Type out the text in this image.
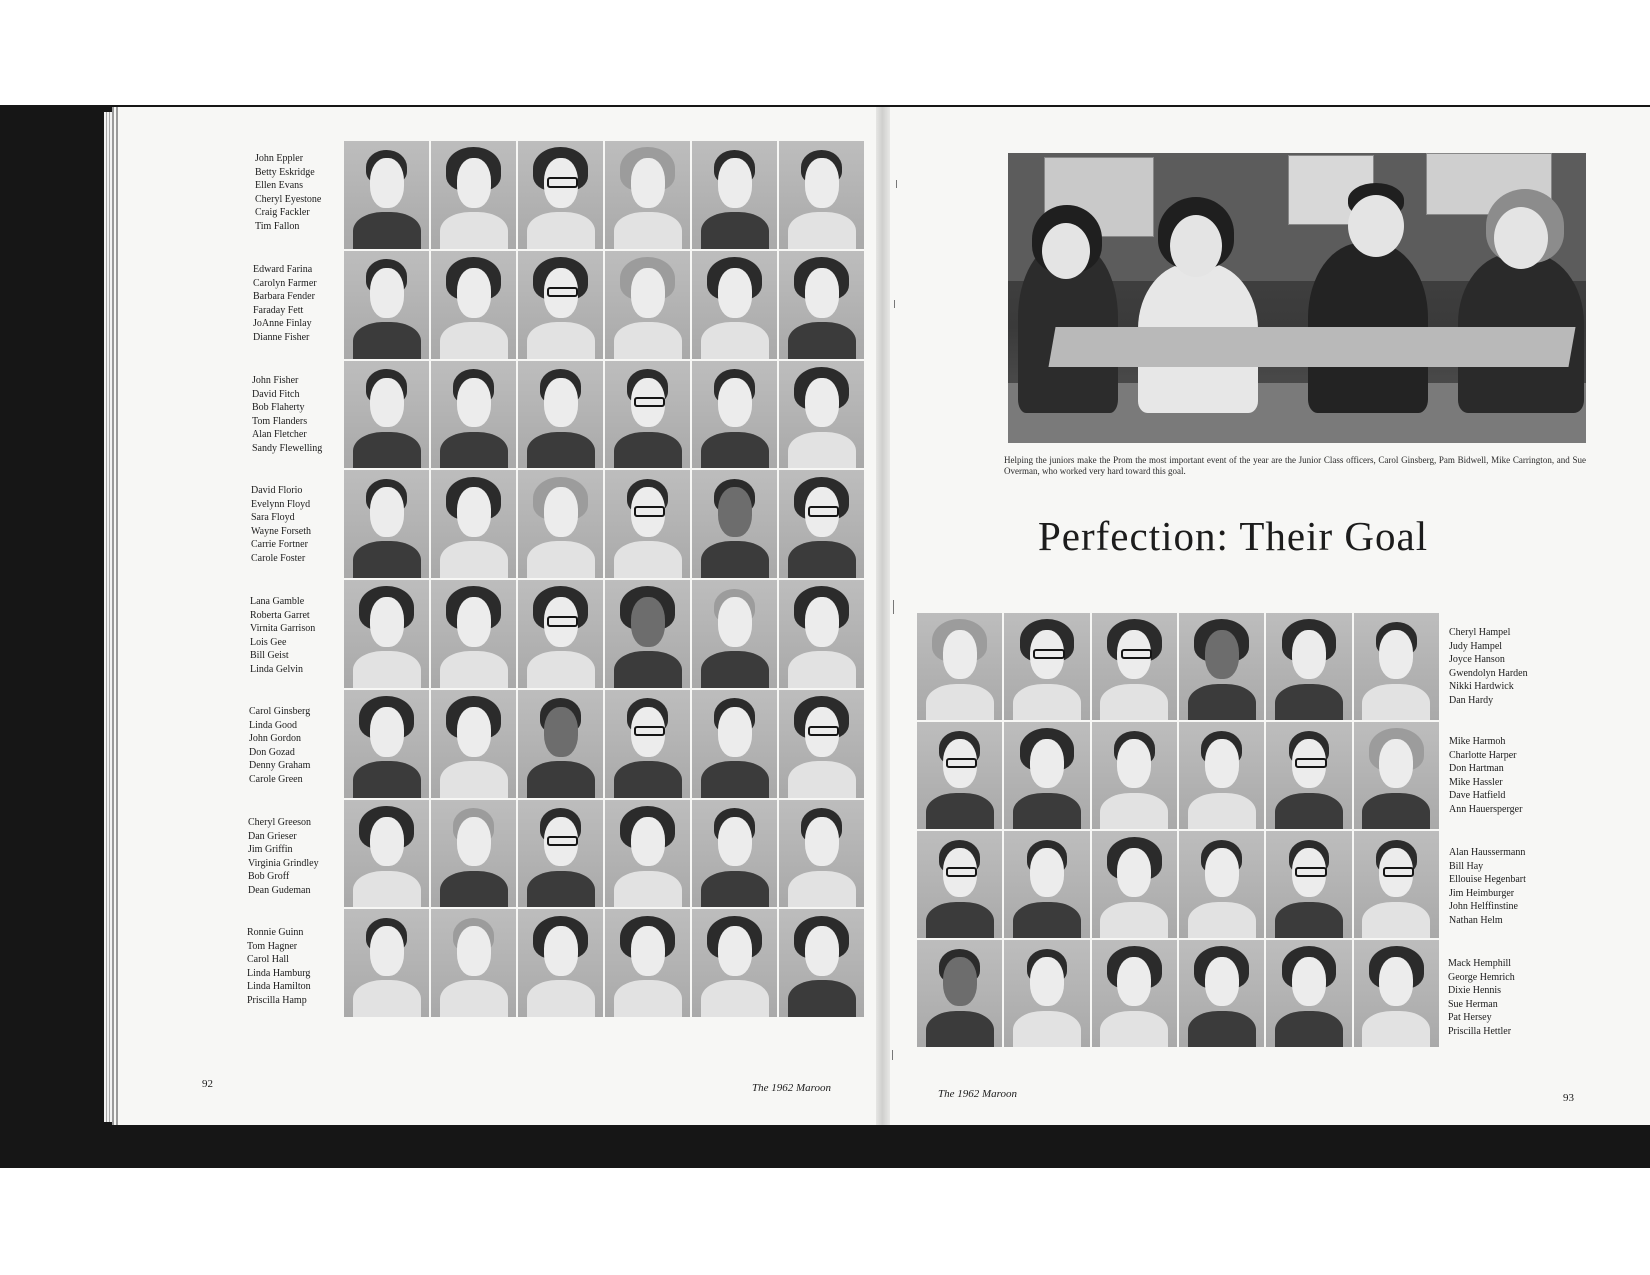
John Eppler
Betty Eskridge
Ellen Evans
Cheryl Eyestone
Craig Fackler
Tim Fallon
Edward Farina
Carolyn Farmer
Barbara Fender
Faraday Fett
JoAnne Finlay
Dianne Fisher
John Fisher
David Fitch
Bob Flaherty
Tom Flanders
Alan Fletcher
Sandy Flewelling
David Florio
Evelynn Floyd
Sara Floyd
Wayne Forseth
Carrie Fortner
Carole Foster
Lana Gamble
Roberta Garret
Virnita Garrison
Lois Gee
Bill Geist
Linda Gelvin
Carol Ginsberg
Linda Good
John Gordon
Don Gozad
Denny Graham
Carole Green
Cheryl Greeson
Dan Grieser
Jim Griffin
Virginia Grindley
Bob Groff
Dean Gudeman
Ronnie Guinn
Tom Hagner
Carol Hall
Linda Hamburg
Linda Hamilton
Priscilla Hamp
Helping the juniors make the Prom the most important event of the year are the Junior Class officers, Carol Ginsberg, Pam Bidwell, Mike Carrington, and Sue Overman, who worked very hard toward this goal.
Perfection: Their Goal
Cheryl Hampel
Judy Hampel
Joyce Hanson
Gwendolyn Harden
Nikki Hardwick
Dan Hardy
Mike Harmoh
Charlotte Harper
Don Hartman
Mike Hassler
Dave Hatfield
Ann Hauersperger
Alan Haussermann
Bill Hay
Ellouise Hegenbart
Jim Heimburger
John Helffinstine
Nathan Helm
Mack Hemphill
George Hemrich
Dixie Hennis
Sue Herman
Pat Hersey
Priscilla Hettler
92	The 1962 Maroon	The 1962 Maroon	93
